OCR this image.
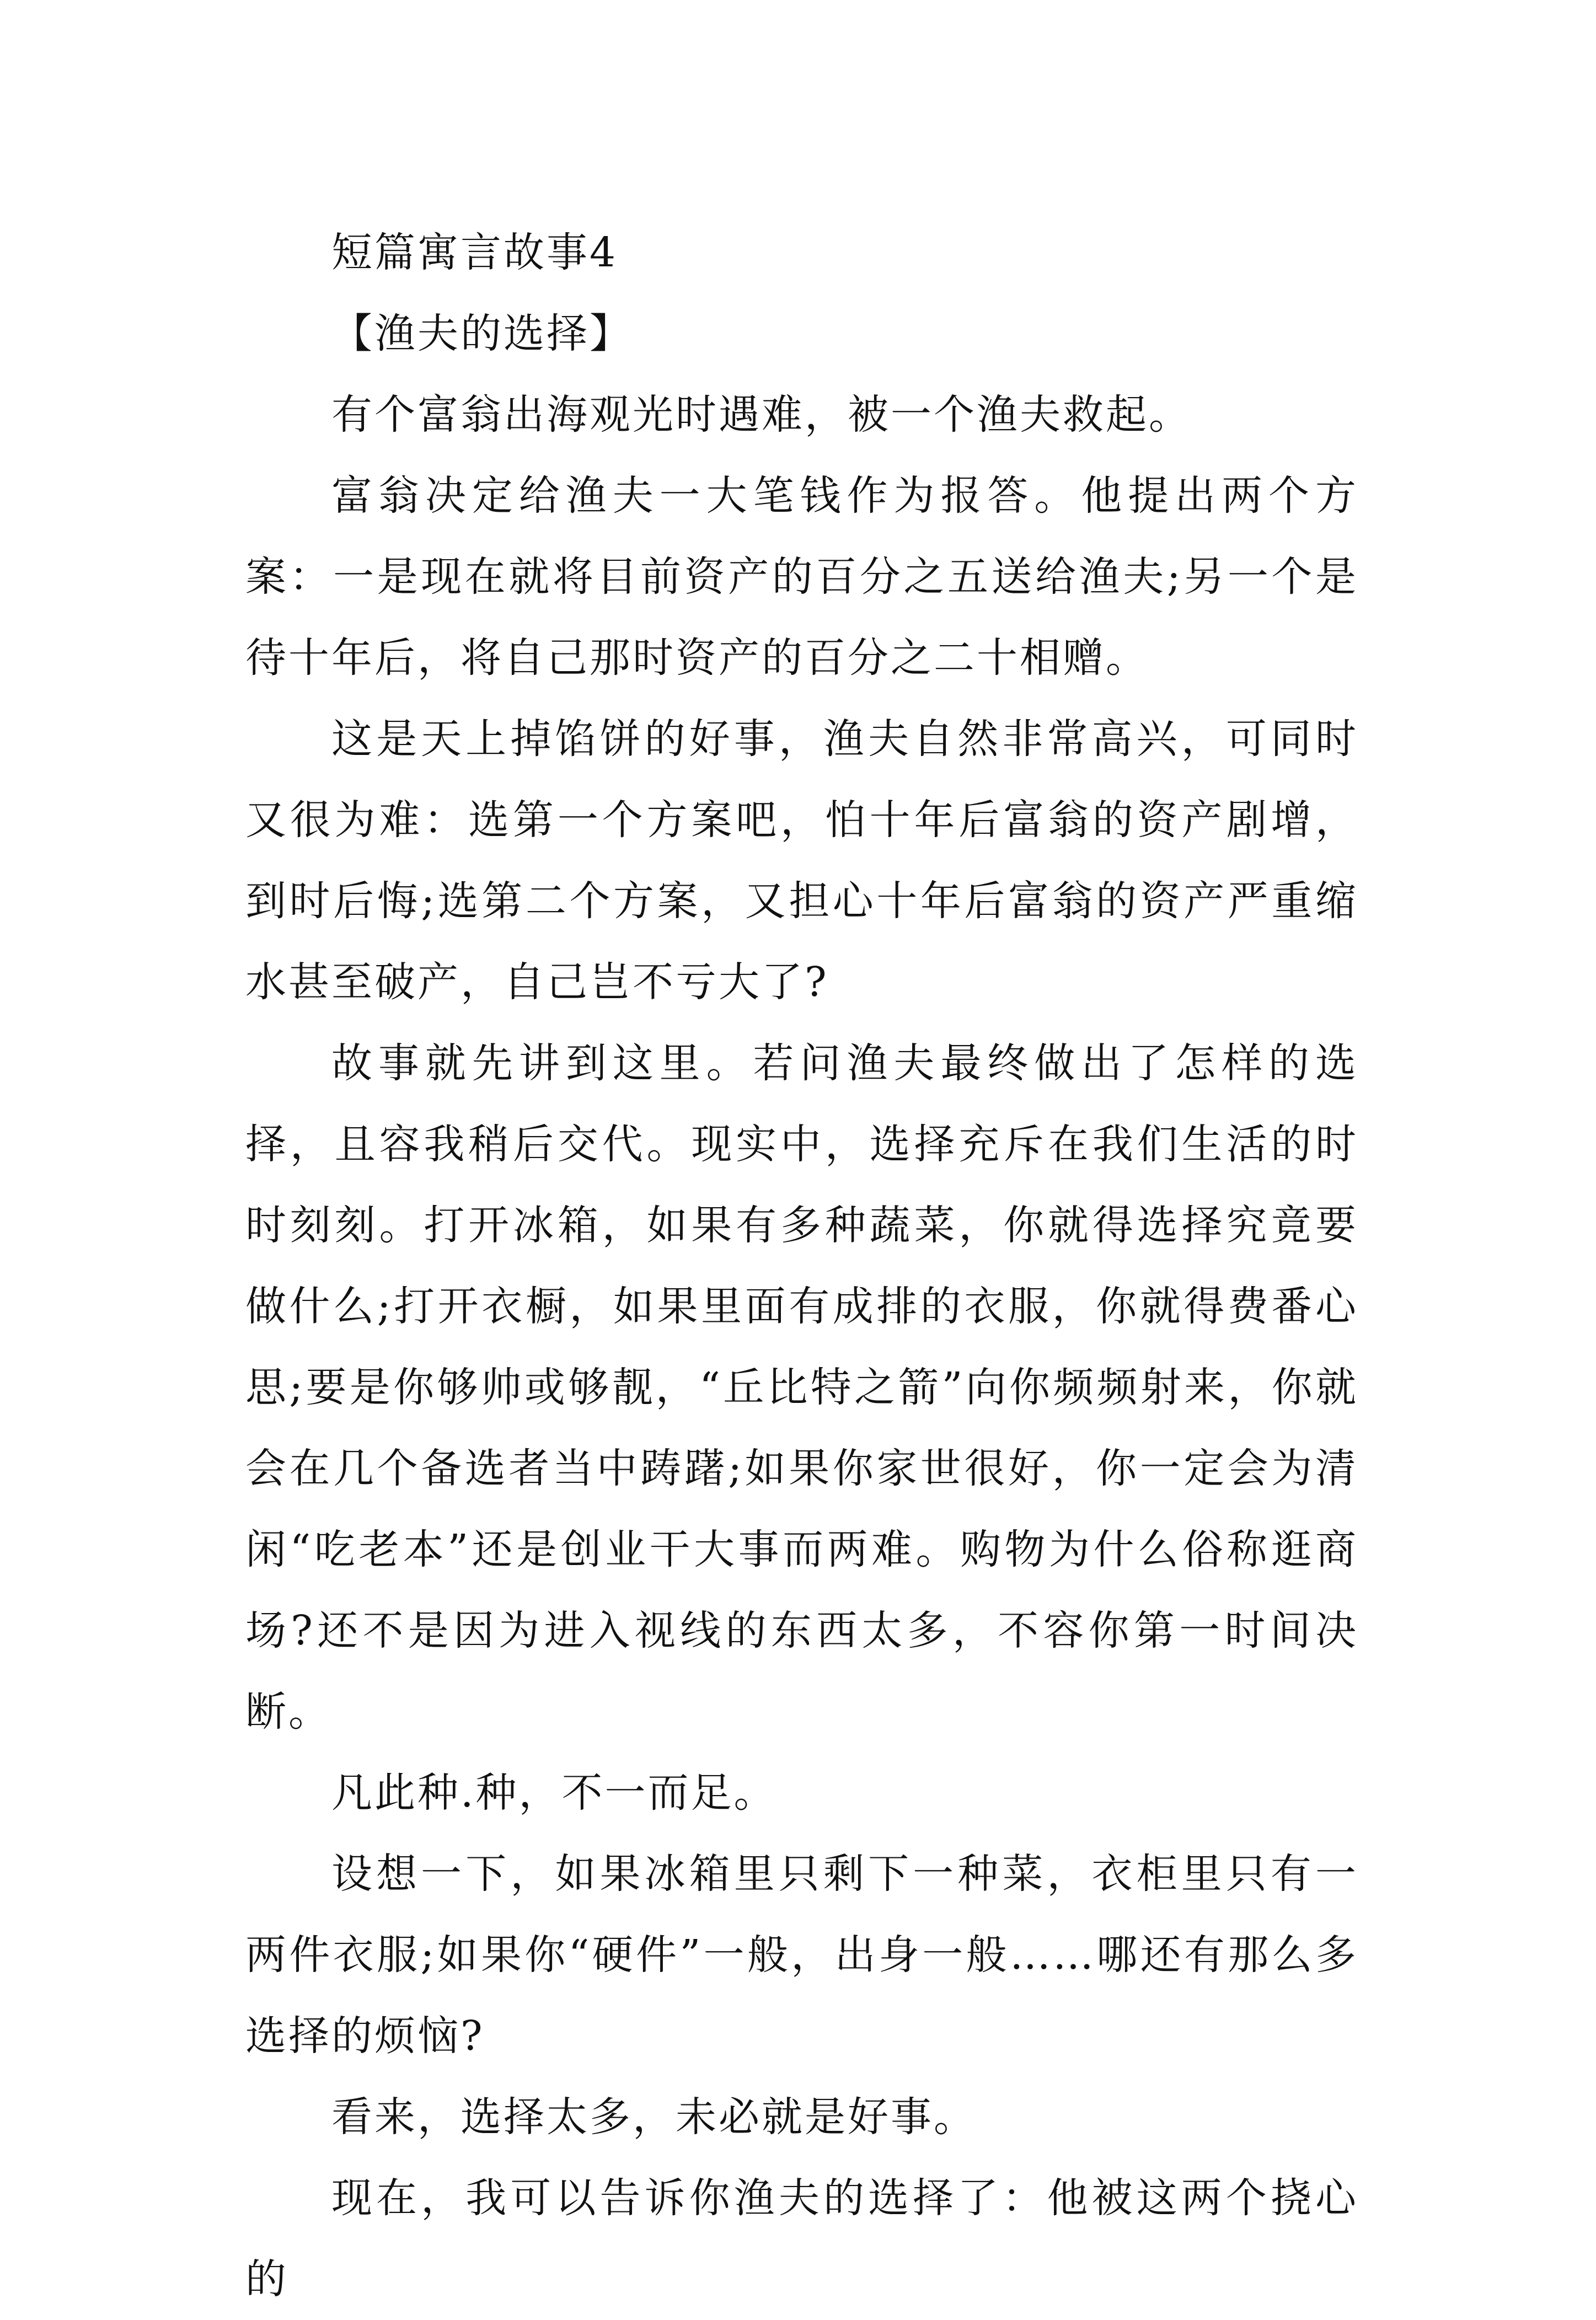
短篇寓言故事4

【渔夫的选择】

有个富翁出海观光时遇难，被一个渔夫救起。

富翁决定给渔夫一大笔钱作为报答。他提出两个方案：一是现在就将目前资产的百分之五送给渔夫;另一个是待十年后，将自己那时资产的百分之二十相赠。

这是天上掉馅饼的好事，渔夫自然非常高兴，可同时又很为难：选第一个方案吧，怕十年后富翁的资产剧增，到时后悔;选第二个方案，又担心十年后富翁的资产严重缩水甚至破产，自己岂不亏大了?

故事就先讲到这里。若问渔夫最终做出了怎样的选择，且容我稍后交代。现实中，选择充斥在我们生活的时时刻刻。打开冰箱，如果有多种蔬菜，你就得选择究竟要做什么;打开衣橱，如果里面有成排的衣服，你就得费番心思;要是你够帅或够靓，“丘比特之箭”向你频频射来，你就会在几个备选者当中踌躇;如果你家世很好，你一定会为清闲“吃老本”还是创业干大事而两难。购物为什么俗称逛商场?还不是因为进入视线的东西太多，不容你第一时间决断。

凡此种.种，不一而足。

设想一下，如果冰箱里只剩下一种菜，衣柜里只有一两件衣服;如果你“硬件”一般，出身一般……哪还有那么多选择的烦恼?

看来，选择太多，未必就是好事。

现在，我可以告诉你渔夫的选择了：他被这两个挠心的
